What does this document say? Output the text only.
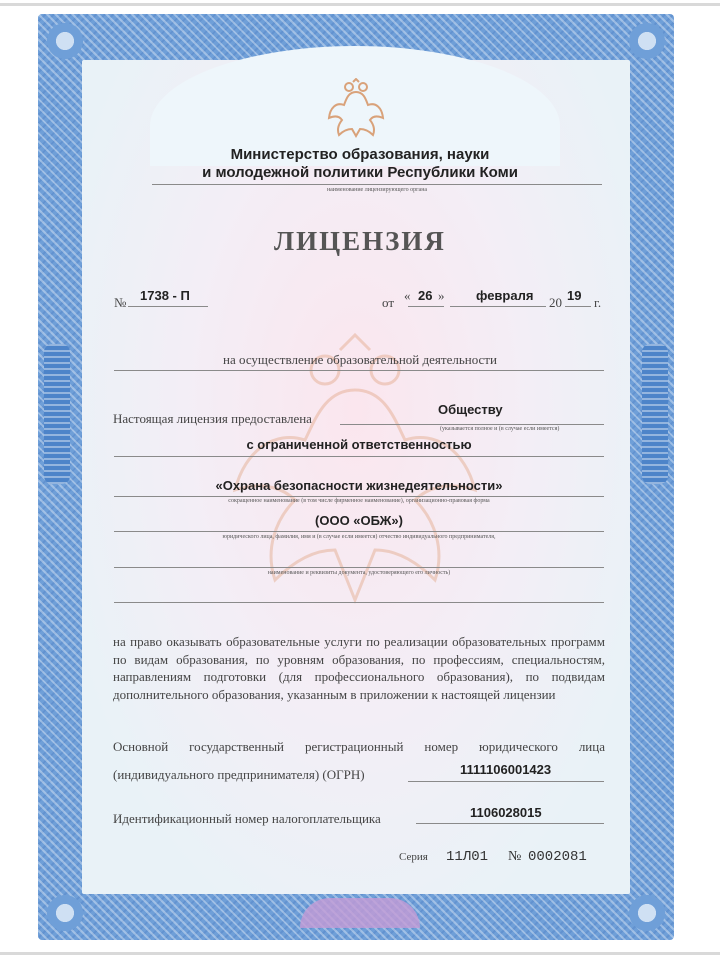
Министерство образования, науки
и молодежной политики Республики Коми
наименование лицензирующего органа
ЛИЦЕНЗИЯ
№ 1738 - П	от « 26 » февраля 20 19 г.
на осуществление образовательной деятельности
Настоящая лицензия предоставлена
Обществу
(указывается полное и (в случае если имеется)
с ограниченной ответственностью
«Охрана безопасности жизнедеятельности»
сокращенное наименование (в том числе фирменное наименование), организационно-правовая форма
(ООО «ОБЖ»)
юридического лица, фамилия, имя и (в случае если имеется) отчество индивидуального предпринимателя,
наименование и реквизиты документа, удостоверяющего его личность)
на право оказывать образовательные услуги по реализации образовательных программ по видам образования, по уровням образования, по профессиям, специальностям, направлениям подготовки (для профессионального образования), по подвидам дополнительного образования, указанным в приложении к настоящей лицензии
Основной государственный регистрационный номер юридического лица
(индивидуального предпринимателя) (ОГРН)	1111106001423
Идентификационный номер налогоплательщика	1106028015
Серия 11Л01 № 0002081
